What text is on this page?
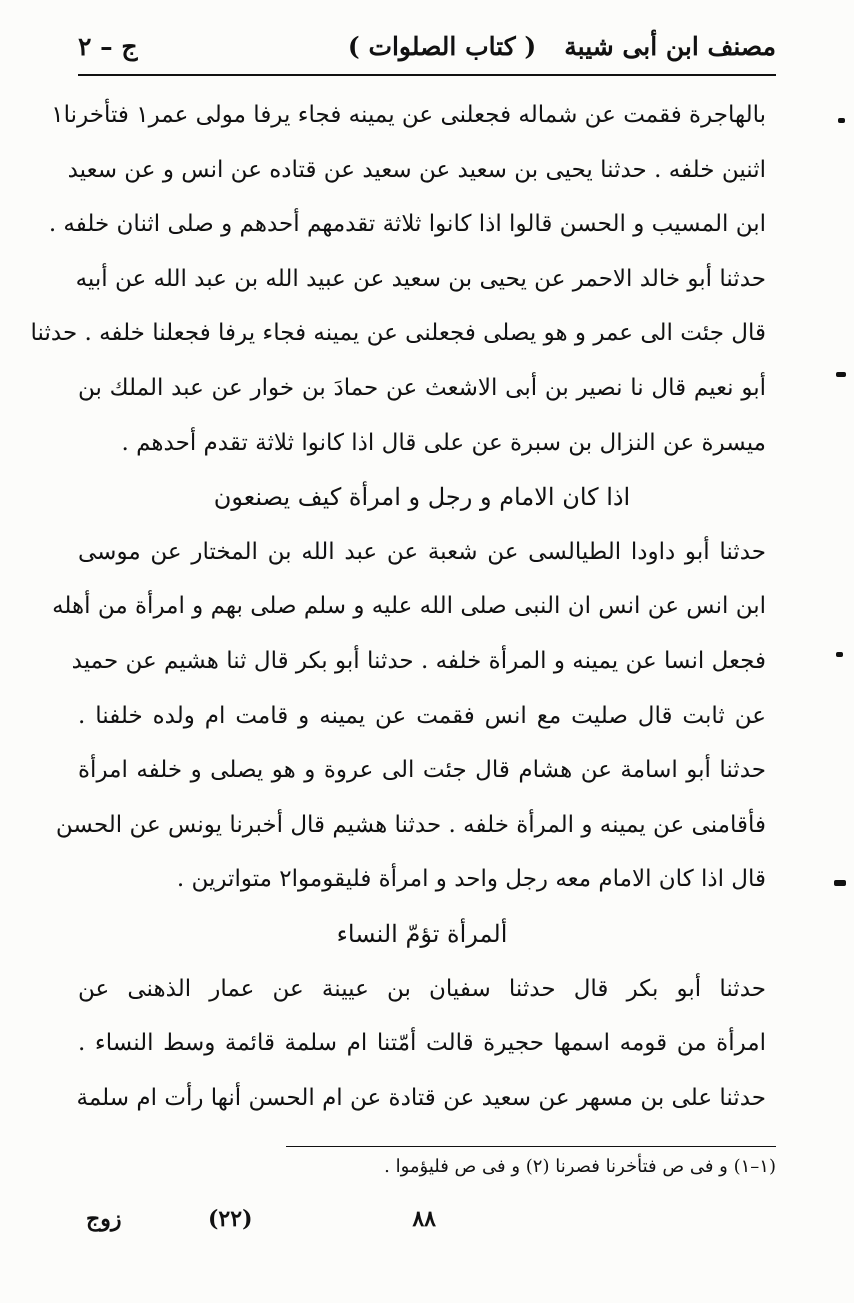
مصنف ابن أبى شيبة
( كتاب الصلوات )
ج – ٢
بالهاجرة فقمت عن شماله فجعلنى عن يمينه فجاء يرفا مولى عمر١ فتأخرنا١
اثنين خلفه . حدثنا يحيى بن سعيد عن سعيد عن قتاده عن انس و عن سعيد
ابن المسيب و الحسن قالوا اذا كانوا ثلاثة تقدمهم أحدهم و صلى اثنان خلفه .
حدثنا أبو خالد الاحمر عن يحيى بن سعيد عن عبيد الله بن عبد الله عن أبيه
قال جئت الى عمر و هو يصلى فجعلنى عن يمينه فجاء يرفا فجعلنا خلفه . حدثنا
أبو نعيم قال نا نصير بن أبى الاشعث عن حمادَ بن خوار عن عبد الملك بن
ميسرة عن النزال بن سبرة عن على قال اذا كانوا ثلاثة تقدم أحدهم .
اذا كان الامام و رجل و امرأة كيف يصنعون
حدثنا أبو داودا الطيالسى عن شعبة عن عبد الله بن المختار عن موسى
ابن انس عن انس ان النبى صلى الله عليه و سلم صلى بهم و امرأة من أهله
فجعل انسا عن يمينه و المرأة خلفه . حدثنا أبو بكر قال ثنا هشيم عن حميد
عن ثابت قال صليت مع انس فقمت عن يمينه و قامت ام ولده خلفنا .
حدثنا أبو اسامة عن هشام قال جئت الى عروة و هو يصلى و خلفه امرأة
فأقامنى عن يمينه و المرأة خلفه . حدثنا هشيم قال أخبرنا يونس عن الحسن
قال اذا كان الامام معه رجل واحد و امرأة فليقوموا٢ متواترين .
ألمرأة تؤمّ النساء
حدثنا أبو بكر قال حدثنا سفيان بن عيينة عن عمار الذهنى عن
امرأة من قومه اسمها حجيرة قالت أمّتنا ام سلمة قائمة وسط النساء .
حدثنا على بن مسهر عن سعيد عن قتادة عن ام الحسن أنها رأت ام سلمة
(١–١) و فى ص فتأخرنا فصرنا (٢) و فى ص فليؤموا .
٨٨
(٢٢)
زوج
